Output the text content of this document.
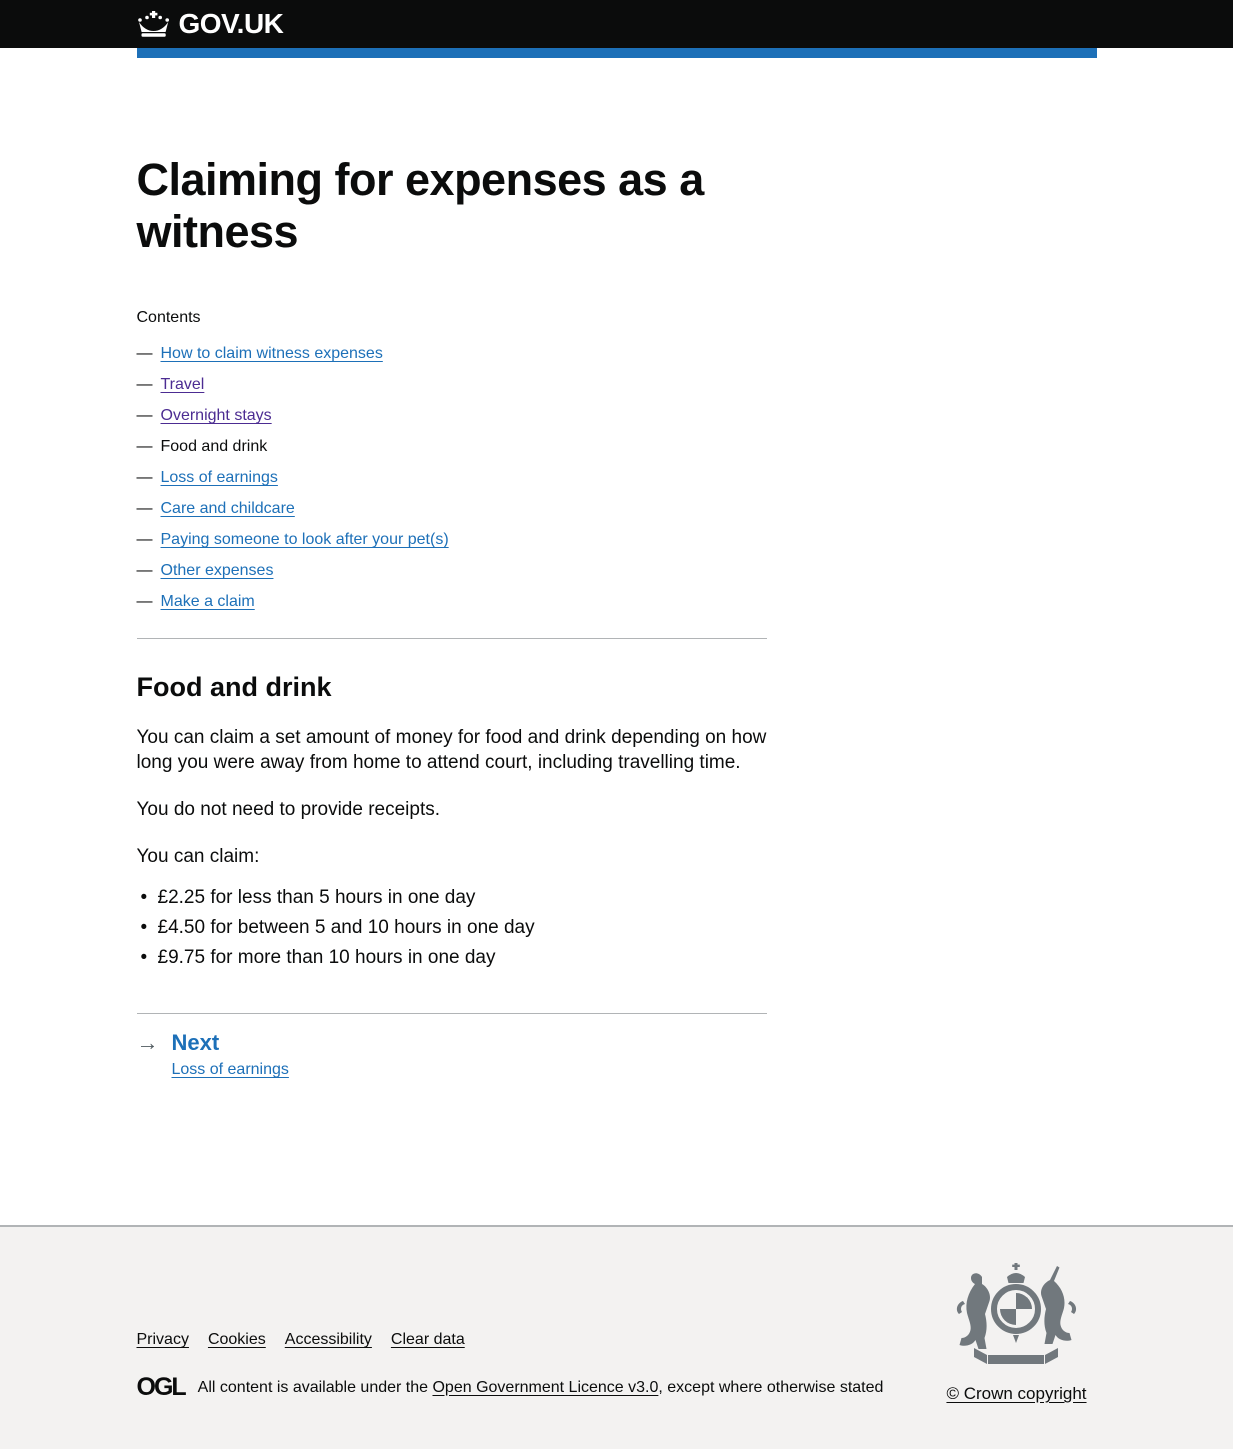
GOV.UK
Claiming for expenses as a witness

Contents

— How to claim witness expenses
— Travel
— Overnight stays
— Food and drink
— Loss of earnings
— Care and childcare
— Paying someone to look after your pet(s)
— Other expenses
— Make a claim
Food and drink

You can claim a set amount of money for food and drink depending on how long you were away from home to attend court, including travelling time.

You do not need to provide receipts.

You can claim:

• £2.25 for less than 5 hours in one day
• £4.50 for between 5 and 10 hours in one day
• £9.75 for more than 10 hours in one day
→ Next
Loss of earnings
Privacy Cookies Accessibility Clear data
OGL All content is available under the Open Government Licence v3.0, except where otherwise stated	© Crown copyright
